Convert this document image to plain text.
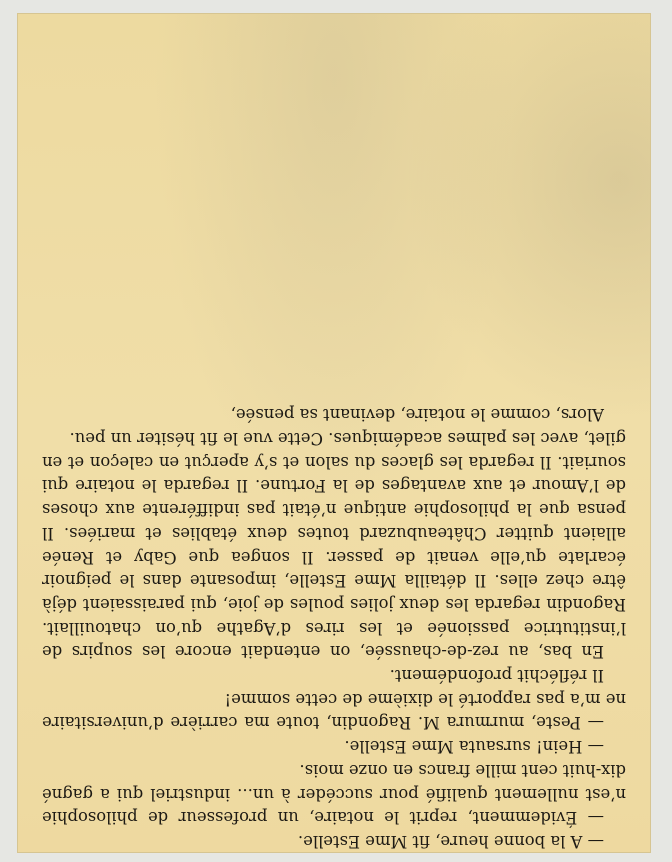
— A la bonne heure, fit Mme Estelle.

— Évidemment, reprit le notaire, un professeur de philosophie n’est nullement qualifié pour succéder à un... industriel qui a gagné dix-huit cent mille francs en onze mois.

— Hein! sursauta Mme Estelle.

— Peste, murmura M. Ragondin, toute ma carrière d’universitaire ne m’a pas rapporté le dixième de cette somme!

Il réfléchit profondément.

En bas, au rez-de-chaussée, on entendait encore les soupirs de l’institutrice passionée et les rires d’Agathe qu’on chatouillait. Ragondin regarda les deux jolies poules de joie, qui paraissaient déjà être chez elles. Il détailla Mme Estelle, imposante dans le peignoir écarlate qu’elle venait de passer. Il songea que Gaby et Renée allaient quitter Châteaubuzard toutes deux établies et mariées. Il pensa que la philosophie antique n’était pas indifférente aux choses de l’Amour et aux avantages de la Fortune. Il regarda le notaire qui souriait. Il regarda les glaces du salon et s’y aperçut en caleçon et en gilet, avec les palmes académiques. Cette vue le fit hésiter un peu.

Alors, comme le notaire, devinant sa pensée,
